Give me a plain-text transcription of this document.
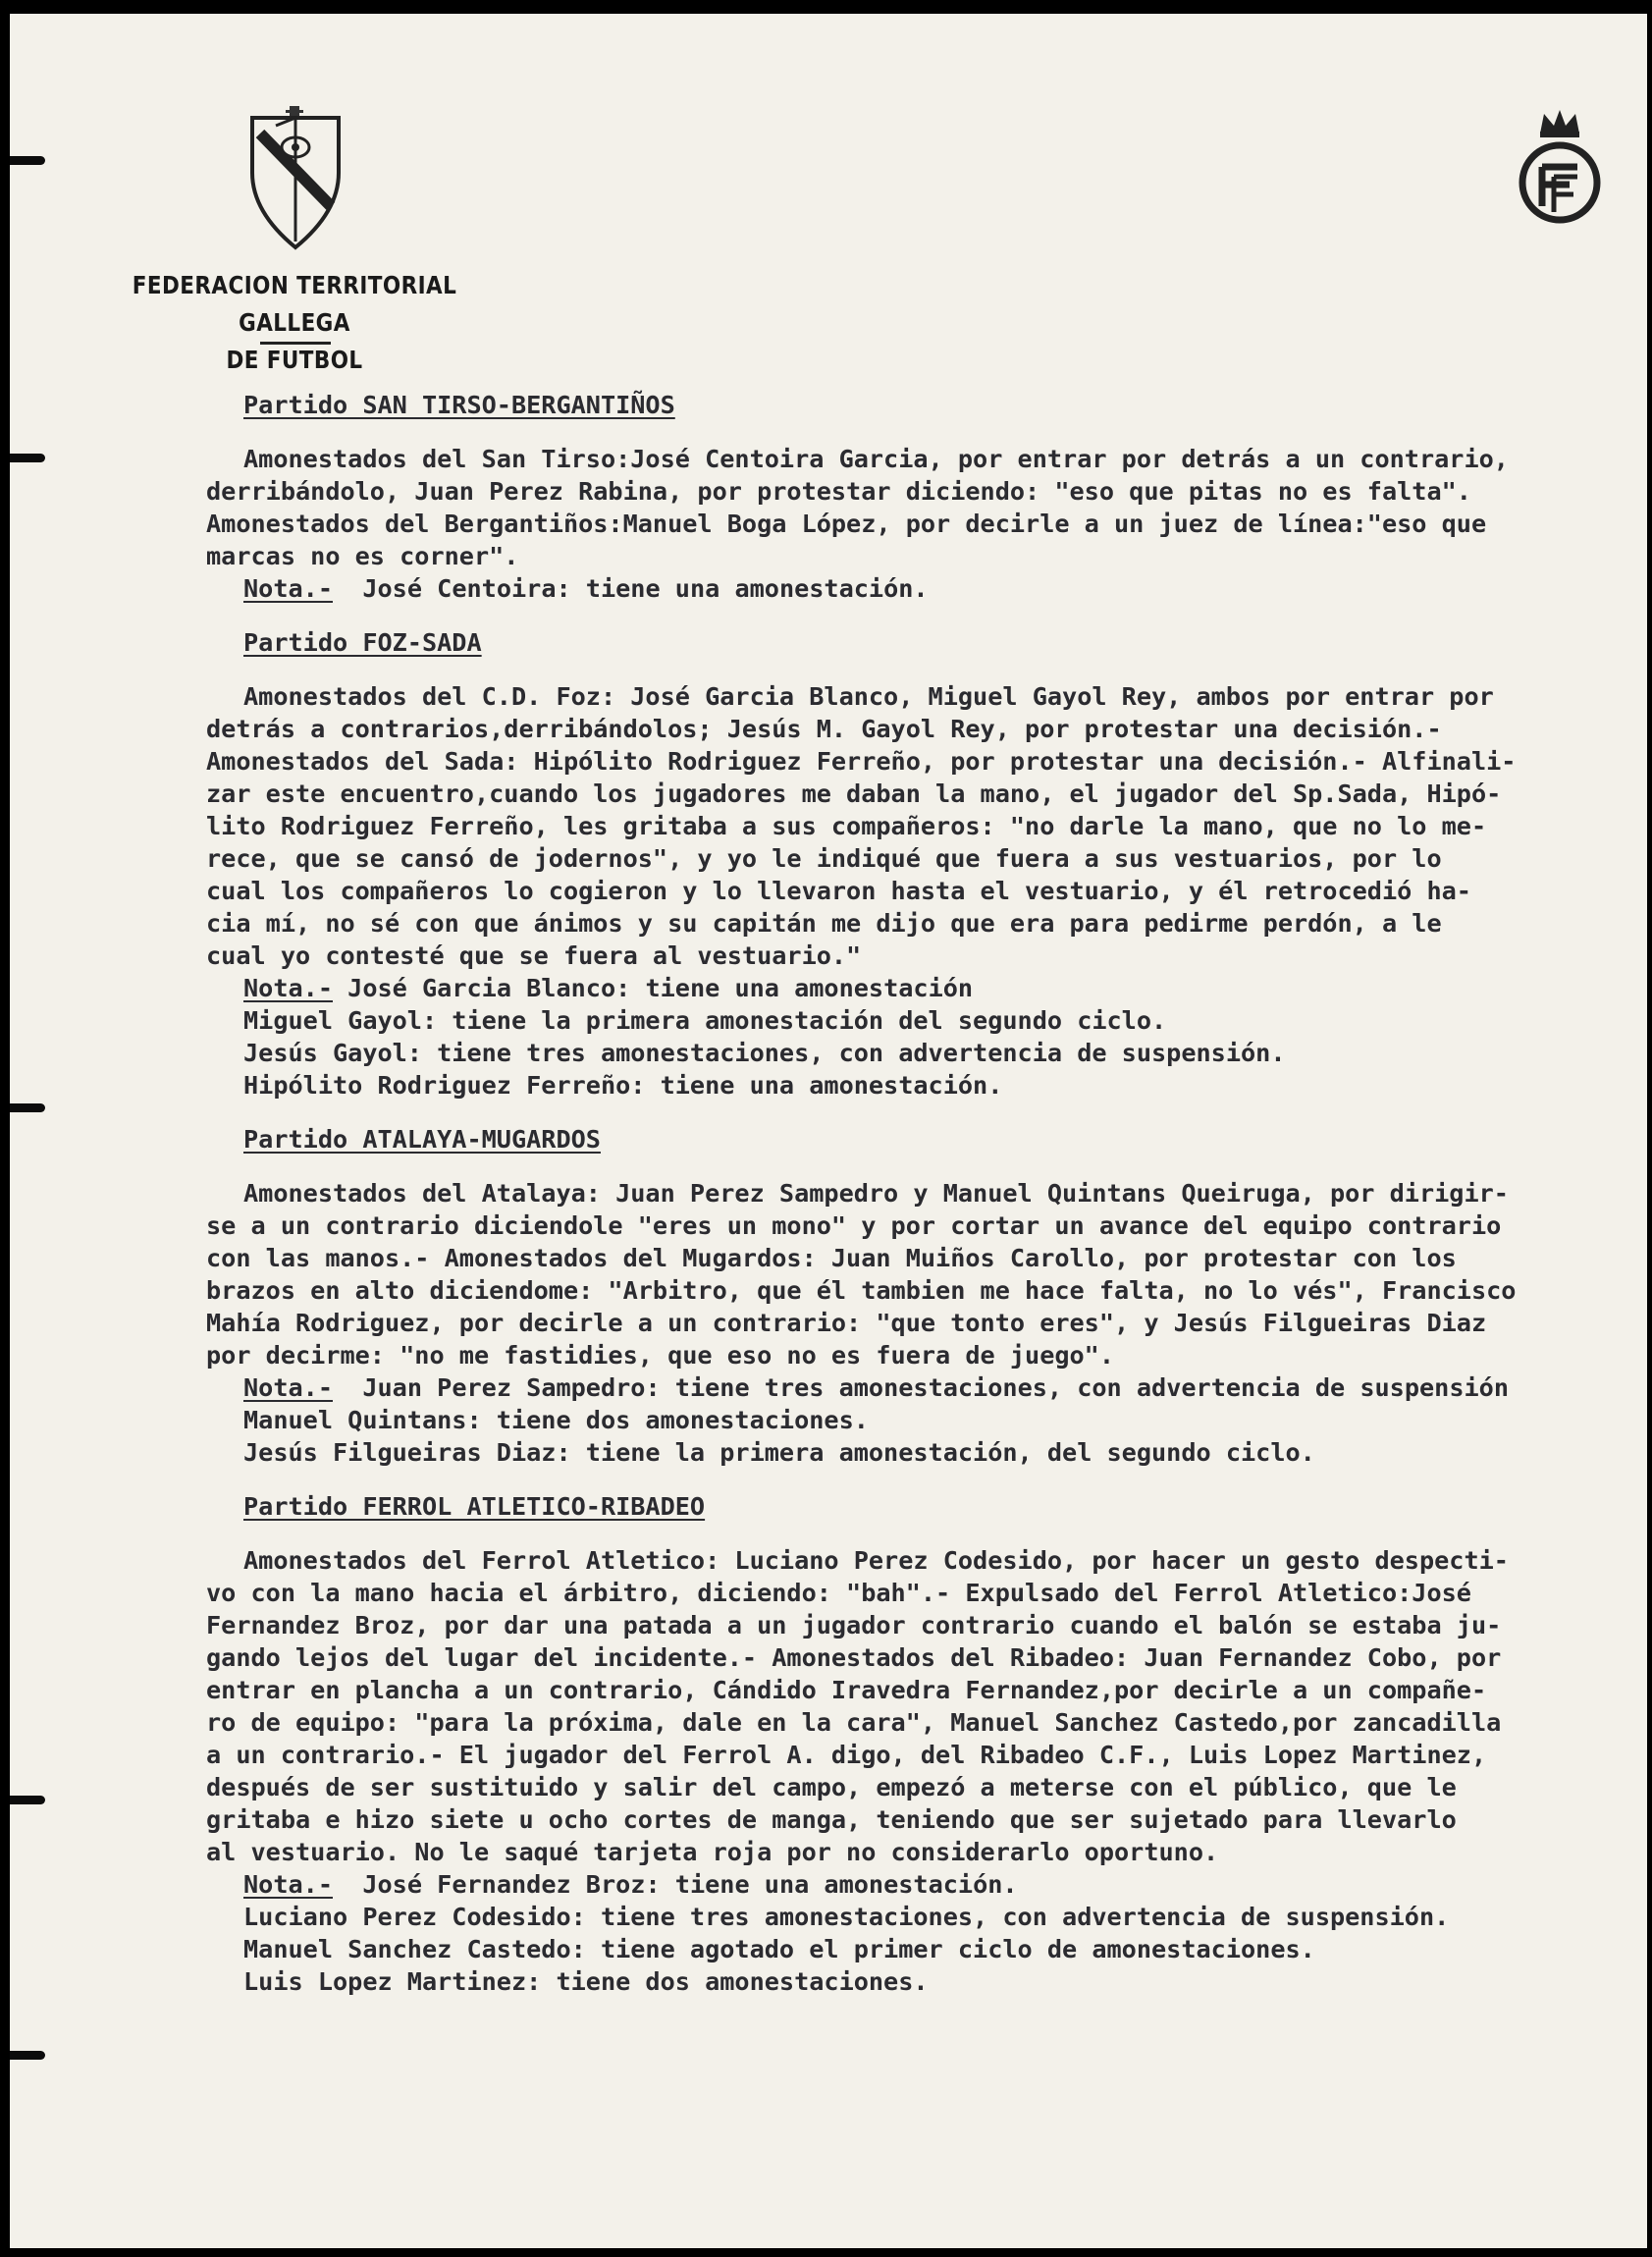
FEDERACION TERRITORIAL GALLEGA
DE FUTBOL
Partido SAN TIRSO-BERGANTIÑOS
Amonestados del San Tirso:José Centoira Garcia, por entrar por detrás a un contrario,
derribándolo, Juan Perez Rabina, por protestar diciendo: "eso que pitas no es falta".
Amonestados del Bergantiños:Manuel Boga López, por decirle a un juez de línea:"eso que
marcas no es corner".
Nota.- José Centoira: tiene una amonestación.
Partido FOZ-SADA
Amonestados del C.D. Foz: José Garcia Blanco, Miguel Gayol Rey, ambos por entrar por
detrás a contrarios,derribándolos; Jesús M. Gayol Rey, por protestar una decisión.-
Amonestados del Sada: Hipólito Rodriguez Ferreño, por protestar una decisión.- Alfinali-
zar este encuentro,cuando los jugadores me daban la mano, el jugador del Sp.Sada, Hipó-
lito Rodriguez Ferreño, les gritaba a sus compañeros: "no darle la mano, que no lo me-
rece, que se cansó de jodernos", y yo le indiqué que fuera a sus vestuarios, por lo
cual los compañeros lo cogieron y lo llevaron hasta el vestuario, y él retrocedió ha-
cia mí, no sé con que ánimos y su capitán me dijo que era para pedirme perdón, a le
cual yo contesté que se fuera al vestuario."
Nota.- José Garcia Blanco: tiene una amonestación
Miguel Gayol: tiene la primera amonestación del segundo ciclo.
Jesús Gayol: tiene tres amonestaciones, con advertencia de suspensión.
Hipólito Rodriguez Ferreño: tiene una amonestación.
Partido ATALAYA-MUGARDOS
Amonestados del Atalaya: Juan Perez Sampedro y Manuel Quintans Queiruga, por dirigir-
se a un contrario diciendole "eres un mono" y por cortar un avance del equipo contrario
con las manos.- Amonestados del Mugardos: Juan Muiños Carollo, por protestar con los
brazos en alto diciendome: "Arbitro, que él tambien me hace falta, no lo vés", Francisco
Mahía Rodriguez, por decirle a un contrario: "que tonto eres", y Jesús Filgueiras Diaz
por decirme: "no me fastidies, que eso no es fuera de juego".
Nota.- Juan Perez Sampedro: tiene tres amonestaciones, con advertencia de suspensión
Manuel Quintans: tiene dos amonestaciones.
Jesús Filgueiras Diaz: tiene la primera amonestación, del segundo ciclo.
Partido FERROL ATLETICO-RIBADEO
Amonestados del Ferrol Atletico: Luciano Perez Codesido, por hacer un gesto despecti-
vo con la mano hacia el árbitro, diciendo: "bah".- Expulsado del Ferrol Atletico:José
Fernandez Broz, por dar una patada a un jugador contrario cuando el balón se estaba ju-
gando lejos del lugar del incidente.- Amonestados del Ribadeo: Juan Fernandez Cobo, por
entrar en plancha a un contrario, Cándido Iravedra Fernandez,por decirle a un compañe-
ro de equipo: "para la próxima, dale en la cara", Manuel Sanchez Castedo,por zancadilla
a un contrario.- El jugador del Ferrol A. digo, del Ribadeo C.F., Luis Lopez Martinez,
después de ser sustituido y salir del campo, empezó a meterse con el público, que le
gritaba e hizo siete u ocho cortes de manga, teniendo que ser sujetado para llevarlo
al vestuario. No le saqué tarjeta roja por no considerarlo oportuno.
Nota.- José Fernandez Broz: tiene una amonestación.
Luciano Perez Codesido: tiene tres amonestaciones, con advertencia de suspensión.
Manuel Sanchez Castedo: tiene agotado el primer ciclo de amonestaciones.
Luis Lopez Martinez: tiene dos amonestaciones.
